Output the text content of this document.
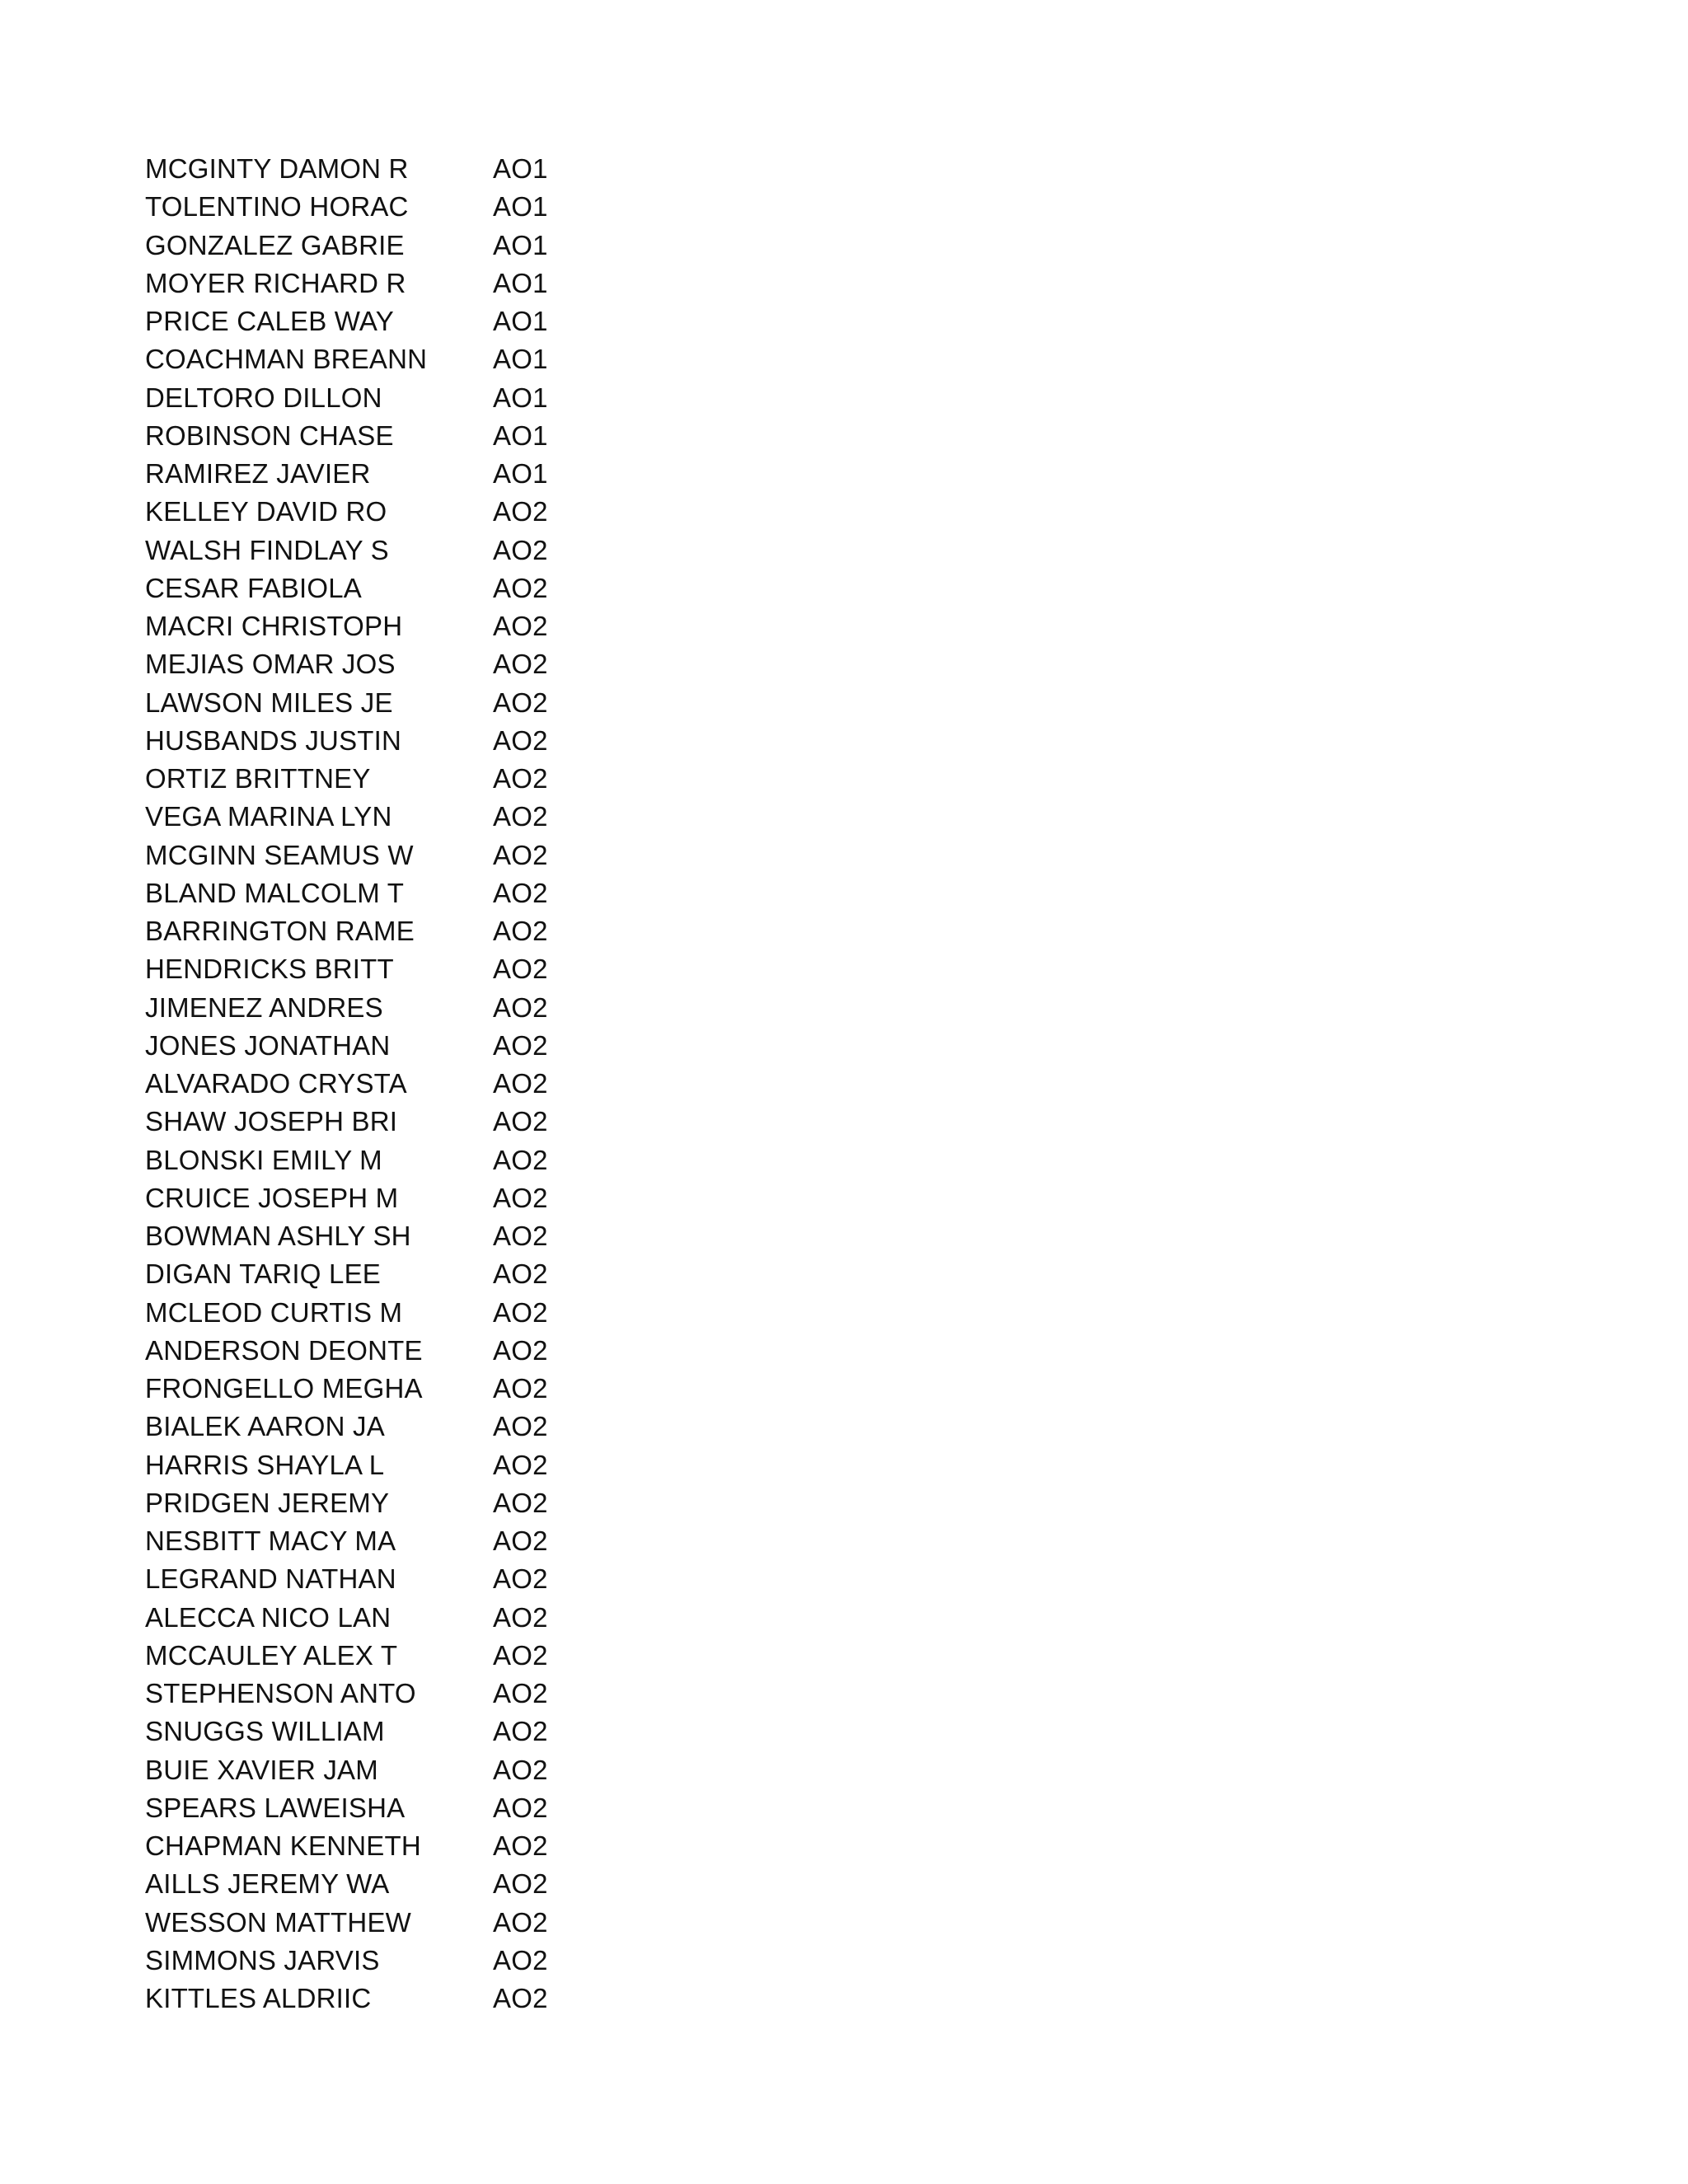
MCGINTY DAMON R	AO1
TOLENTINO HORAC	AO1
GONZALEZ GABRIE	AO1
MOYER RICHARD R	AO1
PRICE CALEB WAY	AO1
COACHMAN BREANN	AO1
DELTORO DILLON	AO1
ROBINSON CHASE	AO1
RAMIREZ JAVIER	AO1
KELLEY DAVID RO	AO2
WALSH FINDLAY S	AO2
CESAR FABIOLA	AO2
MACRI CHRISTOPH	AO2
MEJIAS OMAR JOS	AO2
LAWSON MILES JE	AO2
HUSBANDS JUSTIN	AO2
ORTIZ BRITTNEY	AO2
VEGA MARINA LYN	AO2
MCGINN SEAMUS W	AO2
BLAND MALCOLM T	AO2
BARRINGTON RAME	AO2
HENDRICKS BRITT	AO2
JIMENEZ ANDRES	AO2
JONES JONATHAN	AO2
ALVARADO CRYSTA	AO2
SHAW JOSEPH BRI	AO2
BLONSKI EMILY M	AO2
CRUICE JOSEPH M	AO2
BOWMAN ASHLY SH	AO2
DIGAN TARIQ LEE	AO2
MCLEOD CURTIS M	AO2
ANDERSON DEONTE	AO2
FRONGELLO MEGHA	AO2
BIALEK AARON JA	AO2
HARRIS SHAYLA L	AO2
PRIDGEN JEREMY	AO2
NESBITT MACY MA	AO2
LEGRAND NATHAN	AO2
ALECCA NICO LAN	AO2
MCCAULEY ALEX T	AO2
STEPHENSON ANTO	AO2
SNUGGS WILLIAM	AO2
BUIE XAVIER JAM	AO2
SPEARS LAWEISHA	AO2
CHAPMAN KENNETH	AO2
AILLS JEREMY WA	AO2
WESSON MATTHEW	AO2
SIMMONS JARVIS	AO2
KITTLES ALDRIIC	AO2
